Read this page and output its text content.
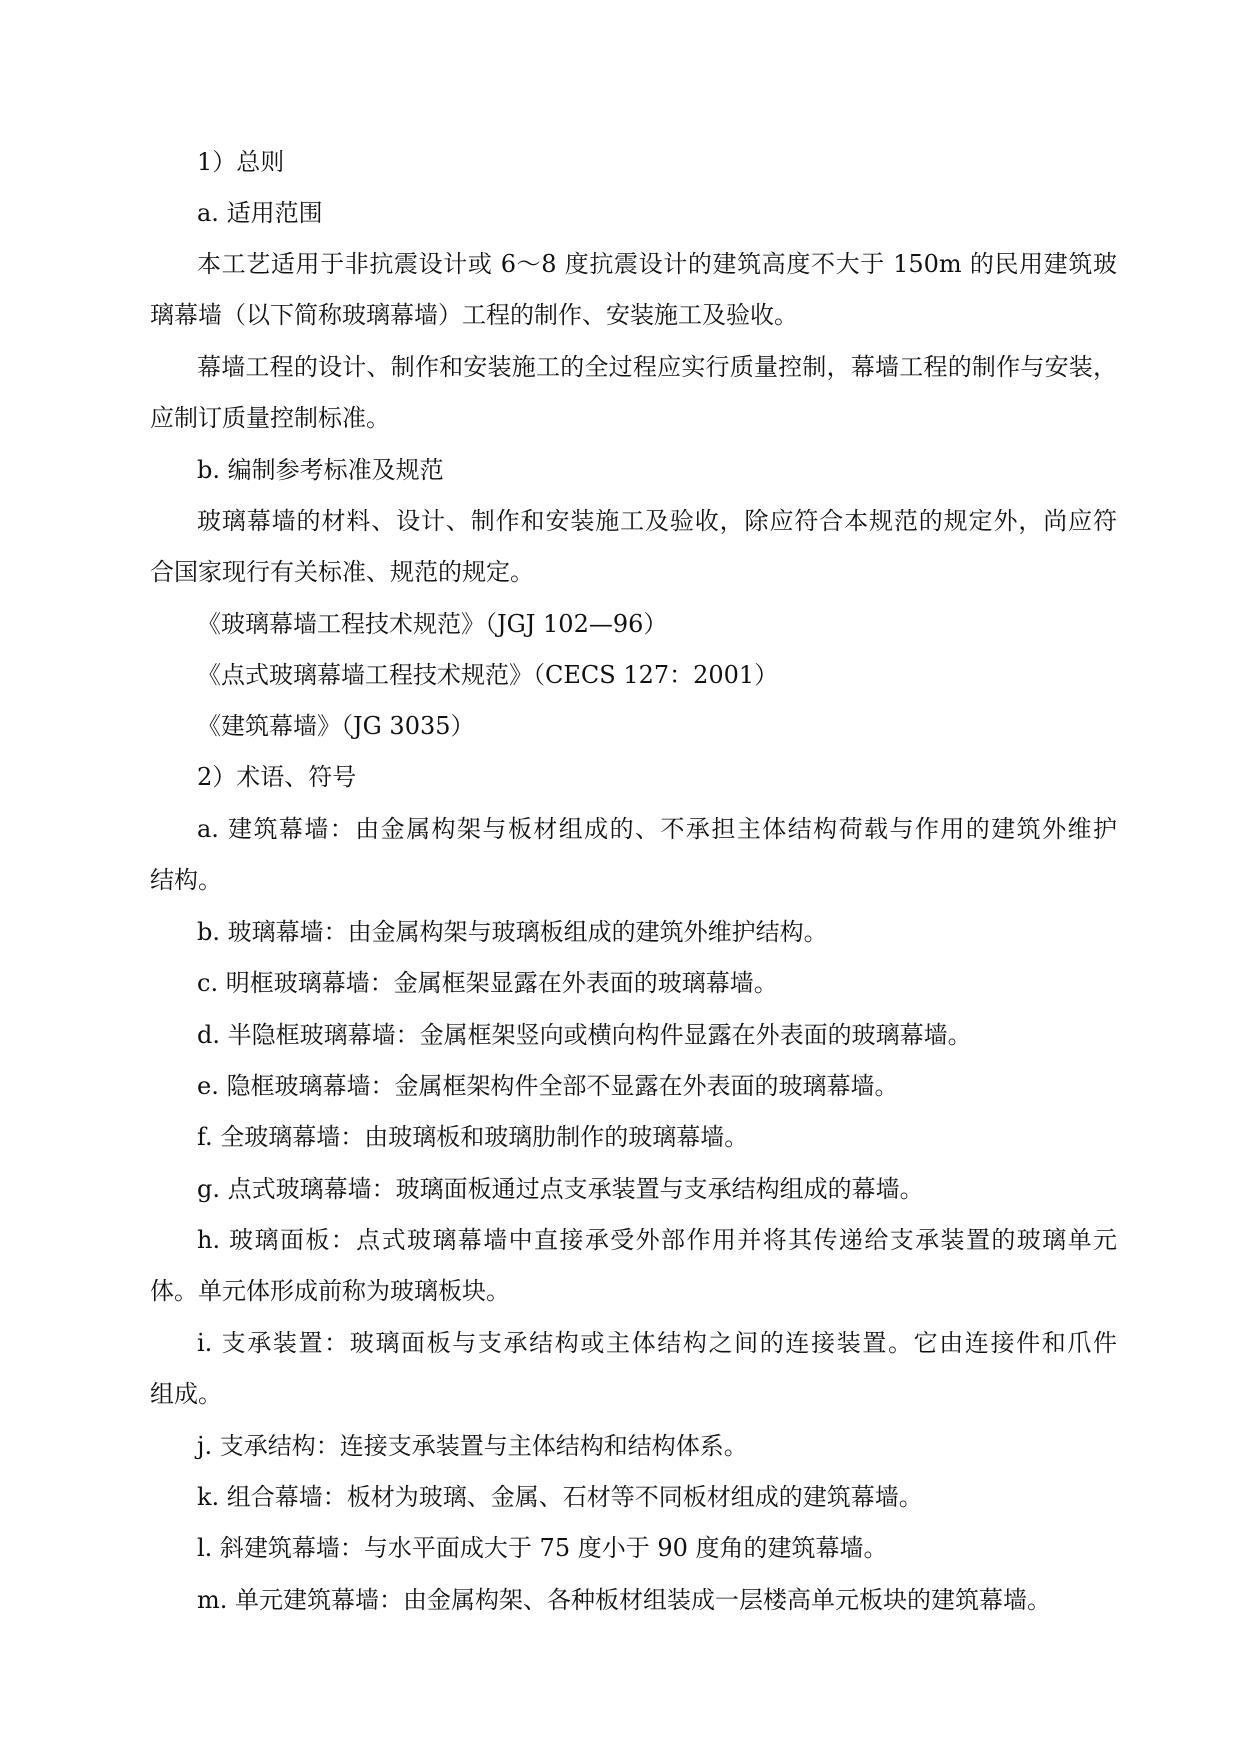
1）总则
a. 适用范围
本工艺适用于非抗震设计或 6～8 度抗震设计的建筑高度不大于 150m 的民用建筑玻
璃幕墙（以下简称玻璃幕墙）工程的制作、安装施工及验收。
幕墙工程的设计、制作和安装施工的全过程应实行质量控制，幕墙工程的制作与安装，
应制订质量控制标准。
b. 编制参考标准及规范
玻璃幕墙的材料、设计、制作和安装施工及验收，除应符合本规范的规定外，尚应符
合国家现行有关标准、规范的规定。
《玻璃幕墙工程技术规范》（JGJ 102—96）
《点式玻璃幕墙工程技术规范》（CECS 127：2001）
《建筑幕墙》（JG 3035）
2）术语、符号
a. 建筑幕墙：由金属构架与板材组成的、不承担主体结构荷载与作用的建筑外维护
结构。
b. 玻璃幕墙：由金属构架与玻璃板组成的建筑外维护结构。
c. 明框玻璃幕墙：金属框架显露在外表面的玻璃幕墙。
d. 半隐框玻璃幕墙：金属框架竖向或横向构件显露在外表面的玻璃幕墙。
e. 隐框玻璃幕墙：金属框架构件全部不显露在外表面的玻璃幕墙。
f. 全玻璃幕墙：由玻璃板和玻璃肋制作的玻璃幕墙。
g. 点式玻璃幕墙：玻璃面板通过点支承装置与支承结构组成的幕墙。
h. 玻璃面板：点式玻璃幕墙中直接承受外部作用并将其传递给支承装置的玻璃单元
体。单元体形成前称为玻璃板块。
i. 支承装置：玻璃面板与支承结构或主体结构之间的连接装置。它由连接件和爪件
组成。
j. 支承结构：连接支承装置与主体结构和结构体系。
k. 组合幕墙：板材为玻璃、金属、石材等不同板材组成的建筑幕墙。
l. 斜建筑幕墙：与水平面成大于 75 度小于 90 度角的建筑幕墙。
m. 单元建筑幕墙：由金属构架、各种板材组装成一层楼高单元板块的建筑幕墙。
